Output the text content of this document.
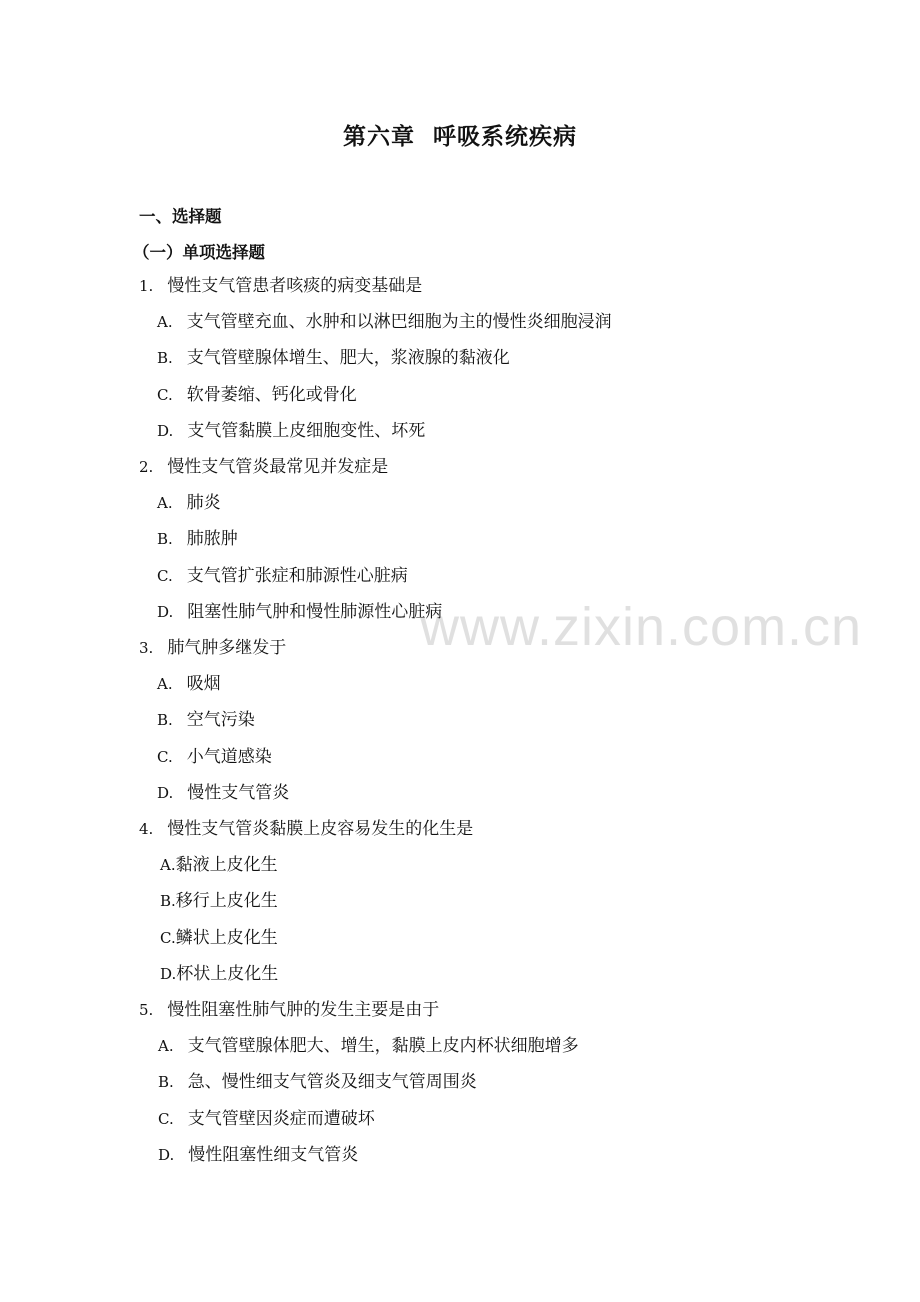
www.zixin.com.cn
第六章  呼吸系统疾病
一、选择题
（一）单项选择题
1. 慢性支气管患者咳痰的病变基础是
A. 支气管壁充血、水肿和以淋巴细胞为主的慢性炎细胞浸润
B. 支气管壁腺体增生、肥大，浆液腺的黏液化
C. 软骨萎缩、钙化或骨化
D. 支气管黏膜上皮细胞变性、坏死
2. 慢性支气管炎最常见并发症是
A. 肺炎
B. 肺脓肿
C. 支气管扩张症和肺源性心脏病
D. 阻塞性肺气肿和慢性肺源性心脏病
3. 肺气肿多继发于
A. 吸烟
B. 空气污染
C. 小气道感染
D. 慢性支气管炎
4. 慢性支气管炎黏膜上皮容易发生的化生是
A.黏液上皮化生
B.移行上皮化生
C.鳞状上皮化生
D.杯状上皮化生
5. 慢性阻塞性肺气肿的发生主要是由于
A. 支气管壁腺体肥大、增生，黏膜上皮内杯状细胞增多
B. 急、慢性细支气管炎及细支气管周围炎
C. 支气管壁因炎症而遭破坏
D. 慢性阻塞性细支气管炎
